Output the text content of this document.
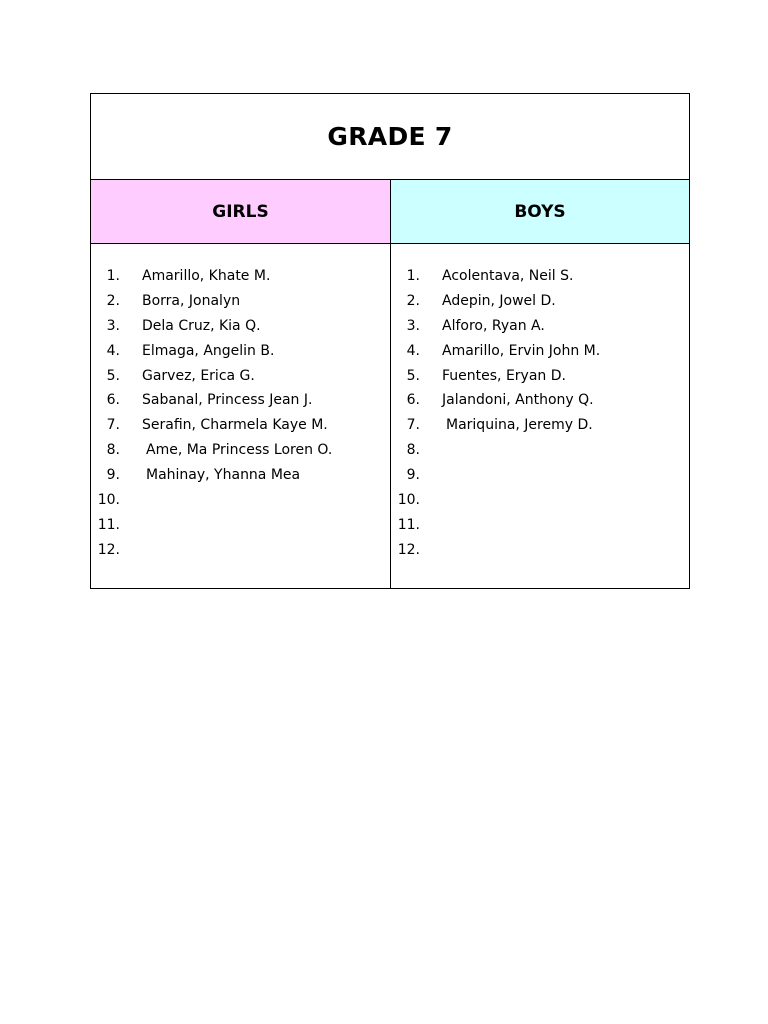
GRADE 7
GIRLS	BOYS
1. Amarillo, Khate M.
2. Borra, Jonalyn
3. Dela Cruz, Kia Q.
4. Elmaga, Angelin B.
5. Garvez, Erica G.
6. Sabanal, Princess Jean J.
7. Serafin, Charmela Kaye M.
8. Ame, Ma Princess Loren O.
9. Mahinay, Yhanna Mea
10.
11.
12.
1. Acolentava, Neil S.
2. Adepin, Jowel D.
3. Alforo, Ryan A.
4. Amarillo, Ervin John M.
5. Fuentes, Eryan D.
6. Jalandoni, Anthony Q.
7. Mariquina, Jeremy D.
8.
9.
10.
11.
12.
